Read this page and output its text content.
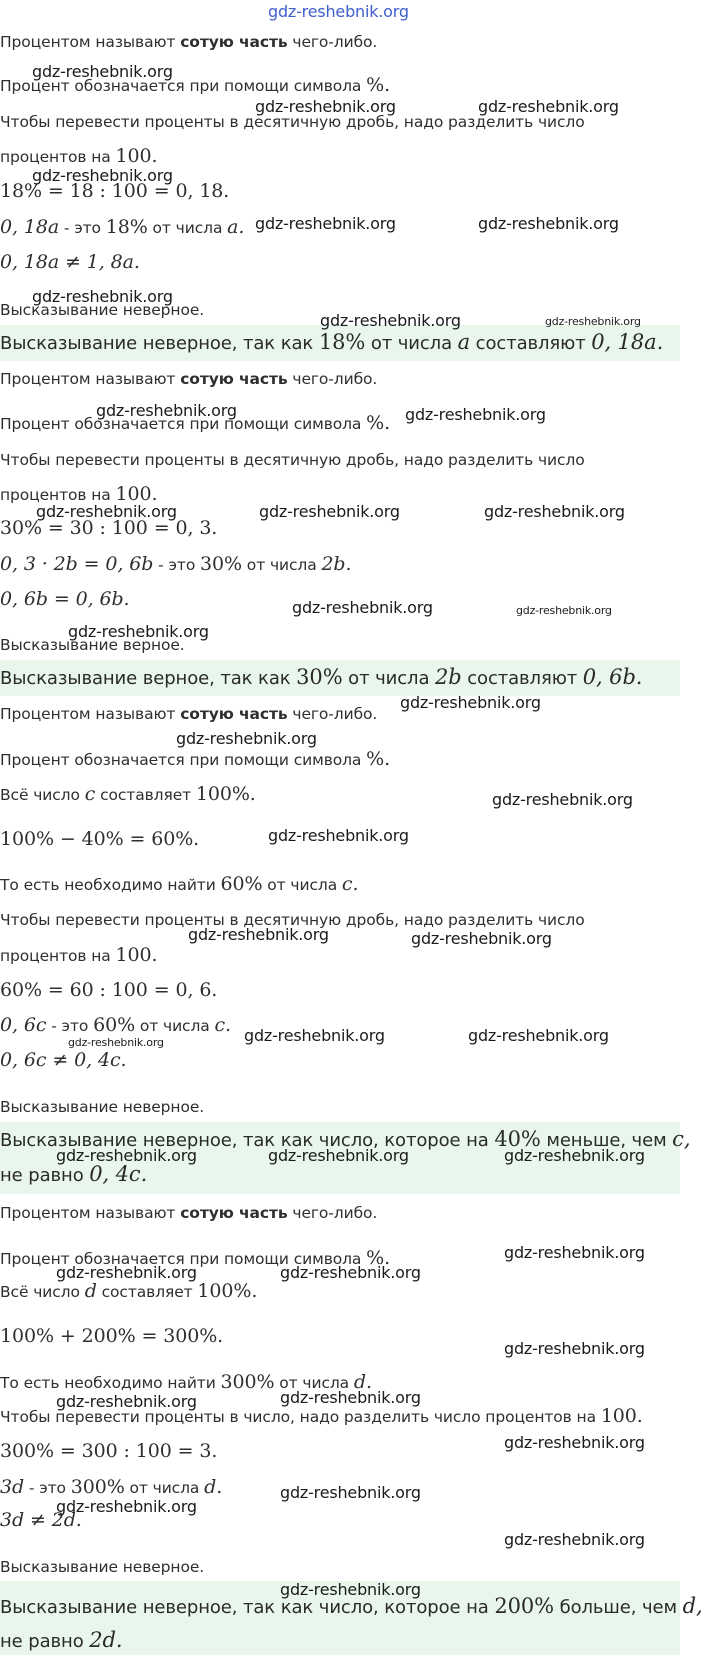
Процентом называют сотую часть чего-либо.
Процент обозначается при помощи символа %.
Чтобы перевести проценты в десятичную дробь, надо разделить число
процентов на 100.
18% = 18 : 100 = 0, 18.
0, 18a - это 18% от числа a.
0, 18a ≠ 1, 8a.
Высказывание неверное.
Высказывание неверное, так как 18% от числа a составляют 0, 18a.
Процентом называют сотую часть чего-либо.
Процент обозначается при помощи символа %.
Чтобы перевести проценты в десятичную дробь, надо разделить число
процентов на 100.
30% = 30 : 100 = 0, 3.
0, 3 · 2b = 0, 6b - это 30% от числа 2b.
0, 6b = 0, 6b.
Высказывание верное.
Высказывание верное, так как 30% от числа 2b составляют 0, 6b.
Процентом называют сотую часть чего-либо.
Процент обозначается при помощи символа %.
Всё число c составляет 100%.
100% − 40% = 60%.
То есть необходимо найти 60% от числа c.
Чтобы перевести проценты в десятичную дробь, надо разделить число
процентов на 100.
60% = 60 : 100 = 0, 6.
0, 6c - это 60% от числа c.
0, 6c ≠ 0, 4c.
Высказывание неверное.
Высказывание неверное, так как число, которое на 40% меньше, чем c,
не равно 0, 4c.
Процентом называют сотую часть чего-либо.
Процент обозначается при помощи символа %.
Всё число d составляет 100%.
100% + 200% = 300%.
То есть необходимо найти 300% от числа d.
Чтобы перевести проценты в число, надо разделить число процентов на 100.
300% = 300 : 100 = 3.
3d - это 300% от числа d.
3d ≠ 2d.
Высказывание неверное.
Высказывание неверное, так как число, которое на 200% больше, чем d,
не равно 2d.
gdz-reshebnik.org
gdz-reshebnik.org
gdz-reshebnik.org	gdz-reshebnik.org
gdz-reshebnik.org
gdz-reshebnik.org	gdz-reshebnik.org
gdz-reshebnik.org
gdz-reshebnik.org	gdz-reshebnik.org
gdz-reshebnik.org	gdz-reshebnik.org
gdz-reshebnik.org	gdz-reshebnik.org	gdz-reshebnik.org
gdz-reshebnik.org	gdz-reshebnik.org
gdz-reshebnik.org
gdz-reshebnik.org
gdz-reshebnik.org
gdz-reshebnik.org
gdz-reshebnik.org
gdz-reshebnik.org	gdz-reshebnik.org
gdz-reshebnik.org	gdz-reshebnik.org
gdz-reshebnik.org
gdz-reshebnik.org	gdz-reshebnik.org	gdz-reshebnik.org
gdz-reshebnik.org
gdz-reshebnik.org	gdz-reshebnik.org
gdz-reshebnik.org
gdz-reshebnik.org	gdz-reshebnik.org
gdz-reshebnik.org
gdz-reshebnik.org
gdz-reshebnik.org
gdz-reshebnik.org
gdz-reshebnik.org
